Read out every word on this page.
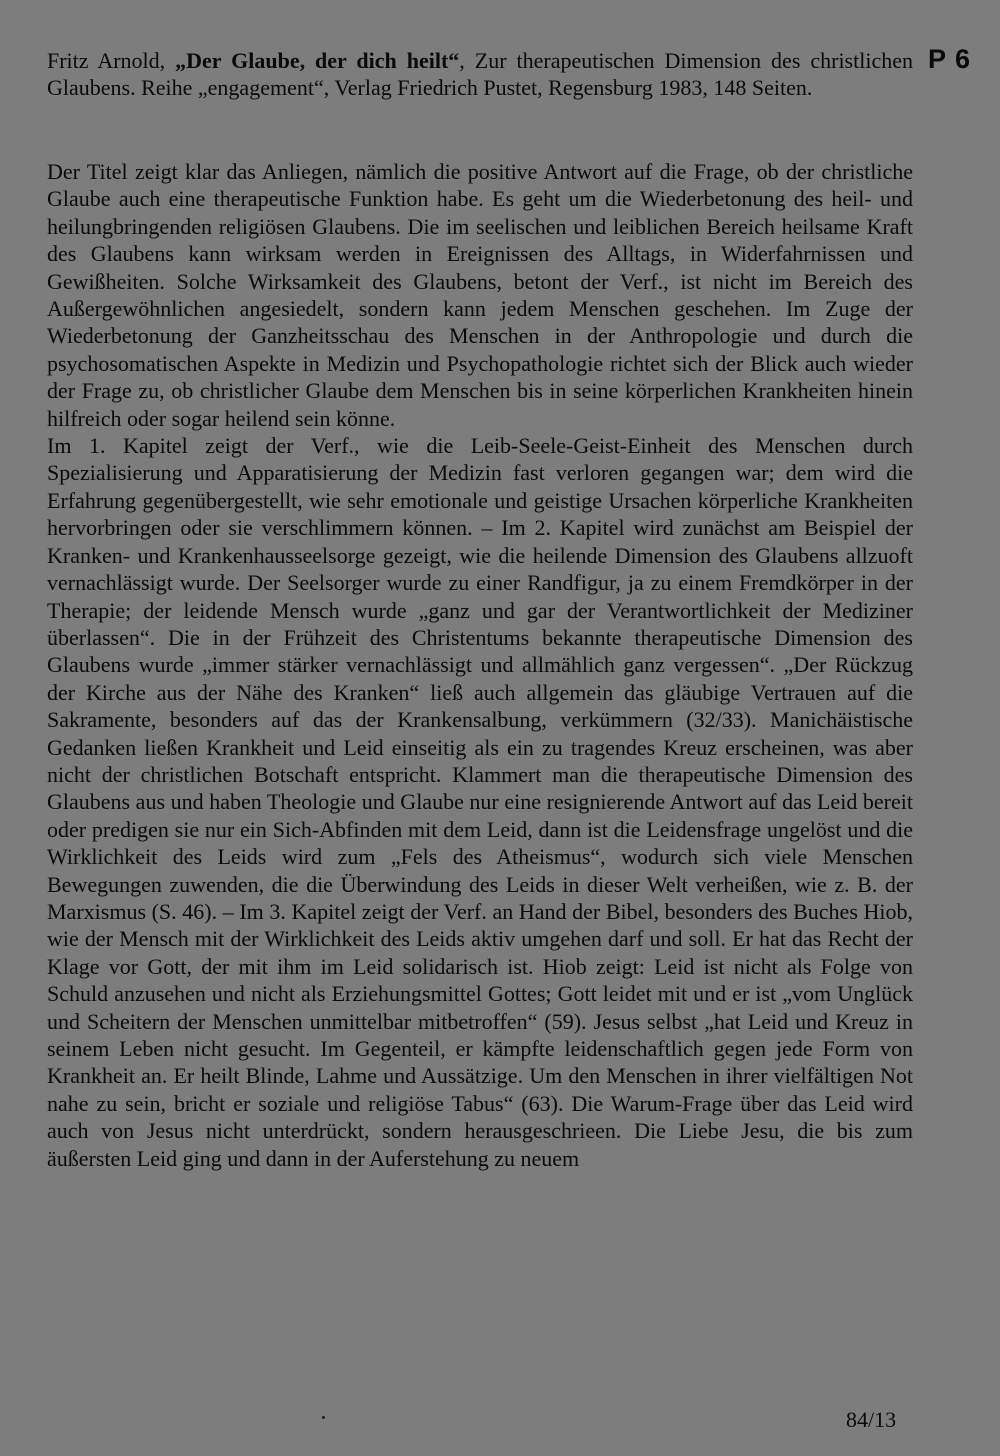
P 6

Fritz Arnold, „Der Glaube, der dich heilt“, Zur therapeutischen Dimension des christlichen Glaubens. Reihe „engagement“, Verlag Friedrich Pustet, Regensburg 1983, 148 Seiten.

Der Titel zeigt klar das Anliegen, nämlich die positive Antwort auf die Frage, ob der christliche Glaube auch eine therapeutische Funktion habe. Es geht um die Wiederbetonung des heil- und heilungbringenden religiösen Glaubens. Die im seelischen und leiblichen Bereich heilsame Kraft des Glaubens kann wirksam werden in Ereignissen des Alltags, in Widerfahrnissen und Gewißheiten. Solche Wirksamkeit des Glaubens, betont der Verf., ist nicht im Bereich des Außergewöhnlichen angesiedelt, sondern kann jedem Menschen geschehen. Im Zuge der Wiederbetonung der Ganzheitsschau des Menschen in der Anthropologie und durch die psychosomatischen Aspekte in Medizin und Psychopathologie richtet sich der Blick auch wieder der Frage zu, ob christlicher Glaube dem Menschen bis in seine körperlichen Krankheiten hinein hilfreich oder sogar heilend sein könne.

Im 1. Kapitel zeigt der Verf., wie die Leib-Seele-Geist-Einheit des Menschen durch Spezialisierung und Apparatisierung der Medizin fast verloren gegangen war; dem wird die Erfahrung gegenübergestellt, wie sehr emotionale und geistige Ursachen körperliche Krankheiten hervorbringen oder sie verschlimmern können. – Im 2. Kapitel wird zunächst am Beispiel der Kranken- und Krankenhausseelsorge gezeigt, wie die heilende Dimension des Glaubens allzuoft vernachlässigt wurde. Der Seelsorger wurde zu einer Randfigur, ja zu einem Fremdkörper in der Therapie; der leidende Mensch wurde „ganz und gar der Verantwortlichkeit der Mediziner überlassen“. Die in der Frühzeit des Christentums bekannte therapeutische Dimension des Glaubens wurde „immer stärker vernachlässigt und allmählich ganz vergessen“. „Der Rückzug der Kirche aus der Nähe des Kranken“ ließ auch allgemein das gläubige Vertrauen auf die Sakramente, besonders auf das der Krankensalbung, verkümmern (32/33). Manichäistische Gedanken ließen Krankheit und Leid einseitig als ein zu tragendes Kreuz erscheinen, was aber nicht der christlichen Botschaft entspricht. Klammert man die therapeutische Dimension des Glaubens aus und haben Theologie und Glaube nur eine resignierende Antwort auf das Leid bereit oder predigen sie nur ein Sich-Abfinden mit dem Leid, dann ist die Leidensfrage ungelöst und die Wirklichkeit des Leids wird zum „Fels des Atheismus“, wodurch sich viele Menschen Bewegungen zuwenden, die die Überwindung des Leids in dieser Welt verheißen, wie z. B. der Marxismus (S. 46). – Im 3. Kapitel zeigt der Verf. an Hand der Bibel, besonders des Buches Hiob, wie der Mensch mit der Wirklichkeit des Leids aktiv umgehen darf und soll. Er hat das Recht der Klage vor Gott, der mit ihm im Leid solidarisch ist. Hiob zeigt: Leid ist nicht als Folge von Schuld anzusehen und nicht als Erziehungsmittel Gottes; Gott leidet mit und er ist „vom Unglück und Scheitern der Menschen unmittelbar mitbetroffen“ (59). Jesus selbst „hat Leid und Kreuz in seinem Leben nicht gesucht. Im Gegenteil, er kämpfte leidenschaftlich gegen jede Form von Krankheit an. Er heilt Blinde, Lahme und Aussätzige. Um den Menschen in ihrer vielfältigen Not nahe zu sein, bricht er soziale und religiöse Tabus“ (63). Die Warum-Frage über das Leid wird auch von Jesus nicht unterdrückt, sondern herausgeschrieen. Die Liebe Jesu, die bis zum äußersten Leid ging und dann in der Auferstehung zu neuem

84/13
